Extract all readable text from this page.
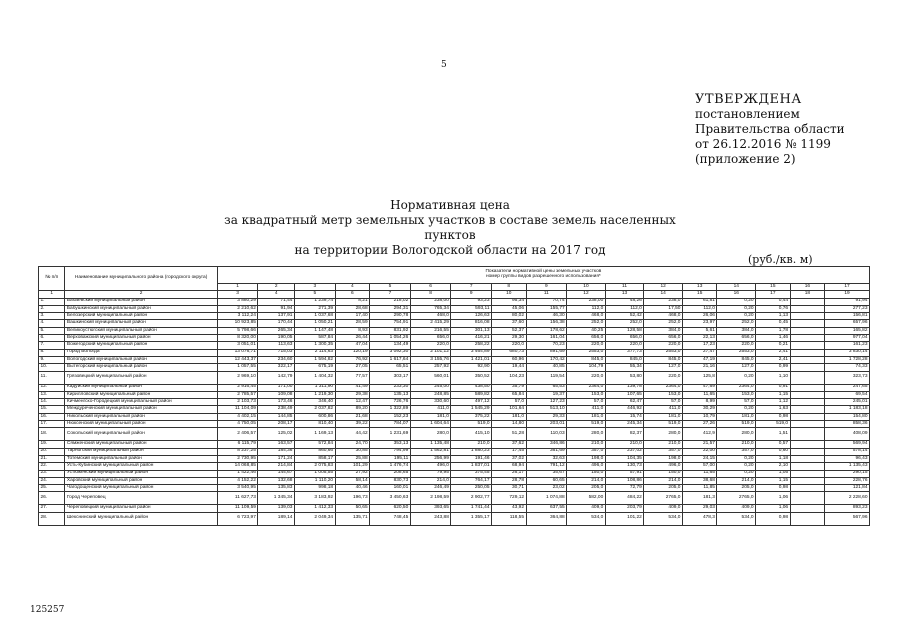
5
УТВЕРЖДЕНА
постановлением
Правительства области
от 26.12.2016 № 1199
(приложение 2)
Нормативная цена
за квадратный метр земельных участков в составе земель населенных пунктов
на территории Вологодской области на 2017 год
(руб./кв. м)
№ п/п	Наименование муниципального района (городского округа)	Показатели нормативной цены земельных участков
номер группы видов разрешенного использования*																

		1	2	3	4	5	6	7	8	9	10	11	12	13	14	15	16	17
1	2	3	4	5	6	7	8	9	10	11	12	13	14	15	16	17	18	19
1.	Бабаевский муниципальный район	3 880,29	71,44	1 239,74	8,21	218,02	238,00	93,23	95,34	70,74	238,00	48,26	238,0	61,81	0,20	0,44		91,94
2.	Бабушкинский муниципальный район	2 210,62	91,94	271,39	28,68	294,31	765,34	593,11	45,06	155,77	112,0	112,0	17,50	112,0	0,20	0,76		277,23
3.	Белозерский муниципальный район	3 112,24	137,91	1 037,68	17,40	290,78	468,0	126,63	80,02	46,30	468,0	52,42	468,0	26,06	0,20	1,13		156,81
4.	Вашкинский муниципальный район	10 923,85	170,44	1 050,21	28,59	754,91	2 415,29	816,08	37,60	156,38	252,0	252,0	252,0	23,97	252,0	0,45		657,96
5.	Великоустюгский муниципальный район	5 798,66	265,34	1 147,48	8,93	831,92	216,55	301,13	52,37	178,62	40,25	128,58	384,0	5,61	384,0	1,78		165,82
6.	Верховажский муниципальный район	8 320,00	190,05	587,84	26,44	1 054,26	656,0	416,21	29,30	161,04	656,0	656,0	656,0	22,13	656,0	1,46		977,04
7.	Вожегодский муниципальный район	3 051,01	113,63	1 300,35	47,04	134,49	220,0	258,22	220,0	70,23	220,0	220,0	220,0	17,23	220,0	0,21		161,23
8.	Город Вологда	13 076,71	715,03	2 114,63	120,19	3 092,30	2 101,12	3 464,89	680,73	891,69	2553,0	377,73	2553,0	27,47	2553,0	2,41		3 830,14
9.	Вологодский муниципальный район	12 443,37	234,60	1 594,82	76,92	1 617,64	3 155,76	1 421,01	60,96	170,42	845,0	845,0	845,0	47,19	845,0	2,41		1 728,28
10.	Вытегорский муниципальный район	1 057,55	322,17	675,19	27,05	65,51	257,92	92,90	19,44	40,85	104,79	55,34	127,0	21,16	127,0	0,99		74,33
11.	Грязовецкий муниципальный район	2 969,10	142,79	1 404,32	77,57	303,17	560,01	350,52	104,23	119,54	220,0	53,80	220,0	125,8	0,20	1,10		323,73
12.	Кадуйский муниципальный район	2 916,45	171,00	1 311,90	41,49	233,30	245,00	438,50	35,79	65,53	2364,0	139,78	2364,0	47,69	2364,0	0,91		247,65
13.	Кирилловский муниципальный район	2 785,57	109,08	1 219,30	29,38	135,13	248,85	589,82	65,84	19,37	153,0	107,65	153,0	11,65	153,0	1,15		69,54
14.	Кичменгско-Городецкий муниципальный район	2 103,73	173,46	346,40	12,47	726,76	330,60	497,12	57,0	127,23	57,0	62,47	57,0	8,99	57,0	1,12		245,01
15.	Междуреченский муниципальный район	11 104,09	238,49	2 037,82	89,20	1 322,89	411,0	1 545,29	101,64	513,10	411,0	446,92	411,0	30,29	0,20	1,63		1 183,18
16.	Никольский муниципальный район	4 402,15	144,85	600,86	21,68	152,23	181,0	375,22	181,0	29,33	181,0	15,74	181,0	10,79	181,0	0,98		154,80
17.	Нюксенский муниципальный район	4 750,05	208,17	810,40	39,22	784,07	1 604,64	519,0	14,80	203,01	519,0	245,34	519,0	27,26	519,0	519,0		858,36
18.	Сокольский муниципальный район	2 406,57	125,02	1 169,13	44,42	1 231,69	280,0	415,10	51,28	110,03	280,0	82,37	280,0	412,9	280,0	1,51		408,09
19.	Сямженский муниципальный район	6 115,79	163,57	572,84	24,70	353,13	1 135,48	210,0	37,62	346,86	210,0	210,0	210,0	21,57	210,0	0,57		569,94
20.	Тарногский муниципальный район	8 237,25	184,36	860,66	30,85	794,99	1 562,81	1 880,23	17,45	361,69	357,0	237,02	357,0	22,00	357,0	0,60		578,14
21.	Тотемский муниципальный район	2 730,95	171,24	858,17	25,88	195,11	256,99	191,46	37,02	32,63	198,0	104,35	198,0	24,15	0,20	1,18		96,43
22.	Усть-Кубинский муниципальный район	14 068,85	214,84	2 075,83	101,29	1 476,74	496,0	1 837,01	68,94	791,12	496,0	130,73	496,0	57,00	0,20	2,10		1 135,43
23.	Устюженский муниципальный район	1 422,46	144,67	1 005,55	27,92	208,65	79,95	375,45	26,17	35,67	150,0	57,91	150,0	11,65	0,20	1,05		290,15
24.	Харовский муниципальный район	4 152,22	132,68	1 110,20	58,14	830,73	214,0	764,17	28,78	60,65	214,0	108,86	214,0	38,68	214,0	1,15		228,76
25.	Чагодощенский муниципальный район	3 540,95	135,83	998,18	40,46	160,01	246,49	250,05	30,71	23,02	205,0	72,79	205,0	11,85	205,0	0,98		121,84
26.	Город Череповец	11 627,73	1 345,34	3 183,92	196,73	3 450,63	2 198,59	2 902,77	729,12	1 074,88	582,00	484,22	2765,0	181,3	2765,0	1,06		2 228,60
27.	Череповецкий муниципальный район	11 109,59	139,03	1 412,33	50,65	620,50	393,65	1 741,44	43,92	637,55	409,0	203,79	409,0	29,03	409,0	1,06		893,23
28.	Шекснинский муниципальный район	6 723,97	189,14	2 049,34	135,71	748,45	243,88	1 355,17	118,55	364,88	534,0	101,22	534,0	478,3	534,0	0,98		567,96
125257
